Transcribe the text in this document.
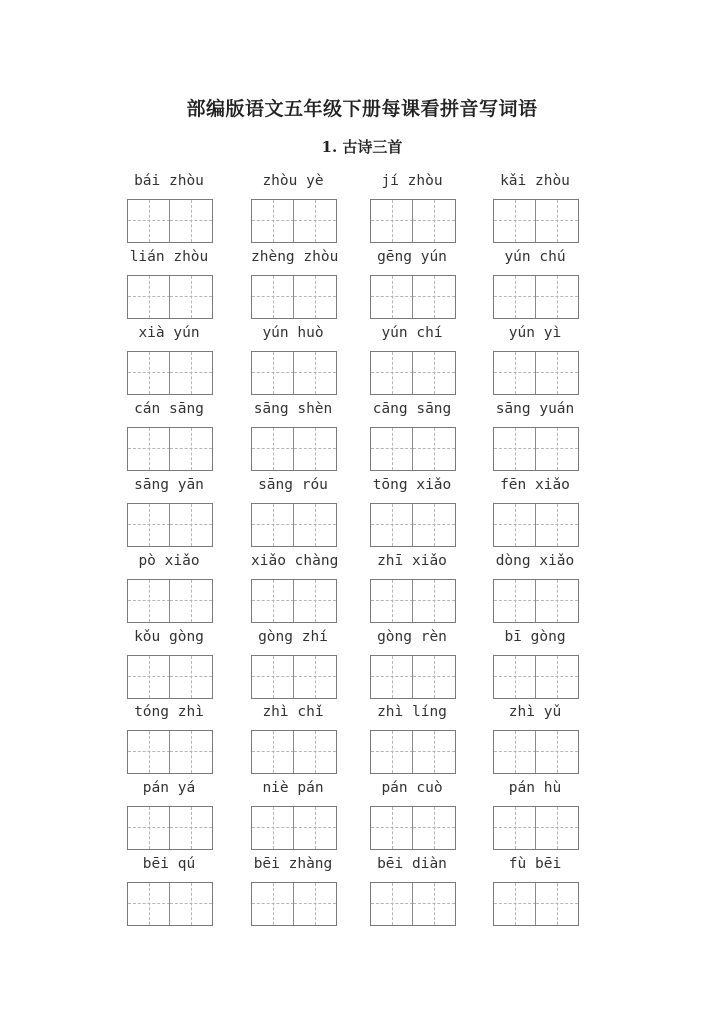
部编版语文五年级下册每课看拼音写词语
1. 古诗三首
bái zhòu	zhòu yè	jí zhòu	kǎi zhòu
lián zhòu	zhèng zhòu	gēng yún	yún chú
xià yún	yún huò	yún chí	yún yì
cán sāng	sāng shèn	cāng sāng	sāng yuán
sāng yān	sāng róu	tōng xiǎo	fēn xiǎo
pò xiǎo	xiǎo chàng	zhī xiǎo	dòng xiǎo
kǒu gòng	gòng zhí	gòng rèn	bī gòng
tóng zhì	zhì chǐ	zhì líng	zhì yǔ
pán yá	niè pán	pán cuò	pán hù
bēi qú	bēi zhàng	bēi diàn	fù bēi
